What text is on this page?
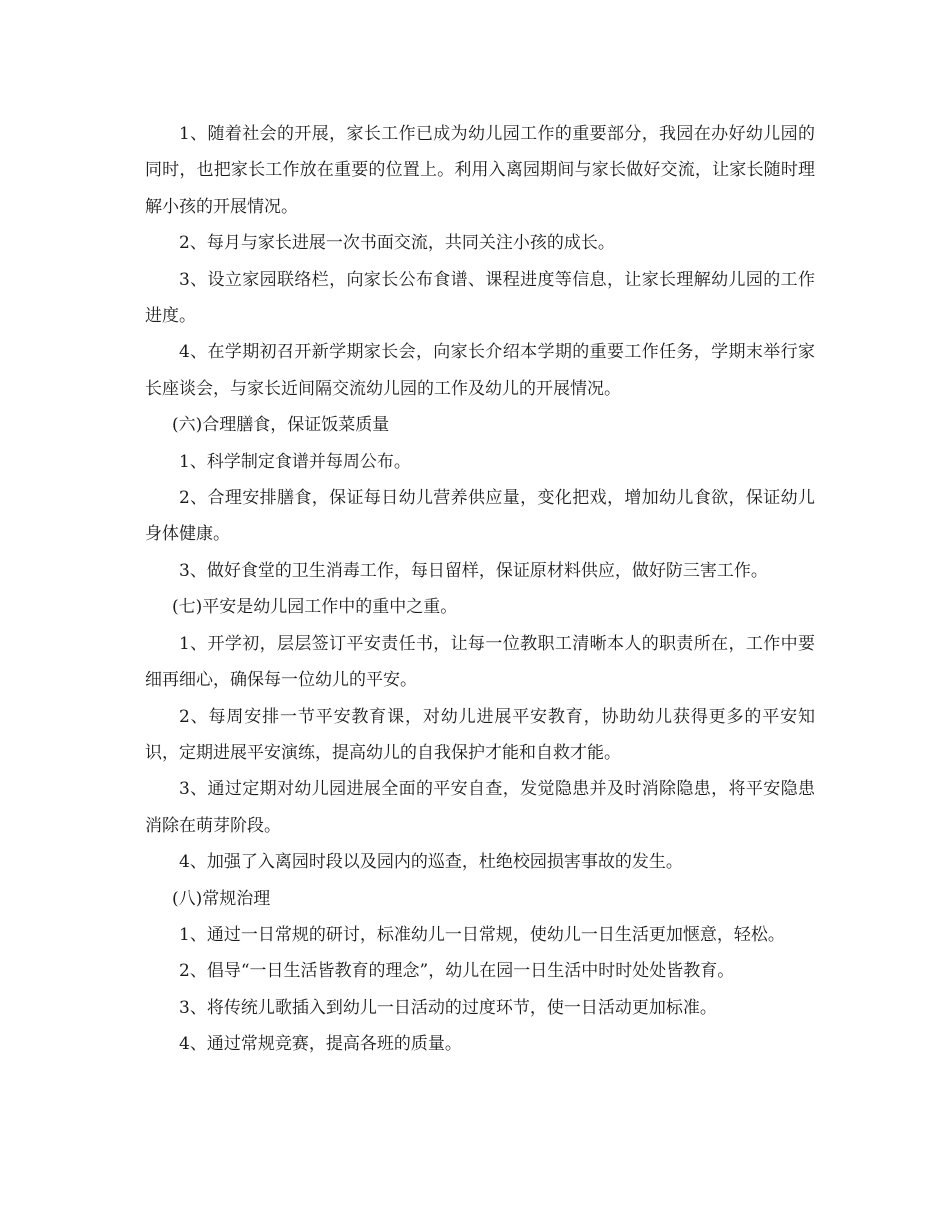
1、随着社会的开展，家长工作已成为幼儿园工作的重要部分，我园在办好幼儿园的同时，也把家长工作放在重要的位置上。利用入离园期间与家长做好交流，让家长随时理解小孩的开展情况。

2、每月与家长进展一次书面交流，共同关注小孩的成长。

3、设立家园联络栏，向家长公布食谱、课程进度等信息，让家长理解幼儿园的工作进度。

4、在学期初召开新学期家长会，向家长介绍本学期的重要工作任务，学期末举行家长座谈会，与家长近间隔交流幼儿园的工作及幼儿的开展情况。

(六)合理膳食，保证饭菜质量

1、科学制定食谱并每周公布。

2、合理安排膳食，保证每日幼儿营养供应量，变化把戏，增加幼儿食欲，保证幼儿身体健康。

3、做好食堂的卫生消毒工作，每日留样，保证原材料供应，做好防三害工作。

(七)平安是幼儿园工作中的重中之重。

1、开学初，层层签订平安责任书，让每一位教职工清晰本人的职责所在，工作中要细再细心，确保每一位幼儿的平安。

2、每周安排一节平安教育课，对幼儿进展平安教育，协助幼儿获得更多的平安知识，定期进展平安演练，提高幼儿的自我保护才能和自救才能。

3、通过定期对幼儿园进展全面的平安自查，发觉隐患并及时消除隐患，将平安隐患消除在萌芽阶段。

4、加强了入离园时段以及园内的巡查，杜绝校园损害事故的发生。

(八)常规治理

1、通过一日常规的研讨，标准幼儿一日常规，使幼儿一日生活更加惬意，轻松。

2、倡导“一日生活皆教育的理念”，幼儿在园一日生活中时时处处皆教育。

3、将传统儿歌插入到幼儿一日活动的过度环节，使一日活动更加标准。

4、通过常规竞赛，提高各班的质量。
